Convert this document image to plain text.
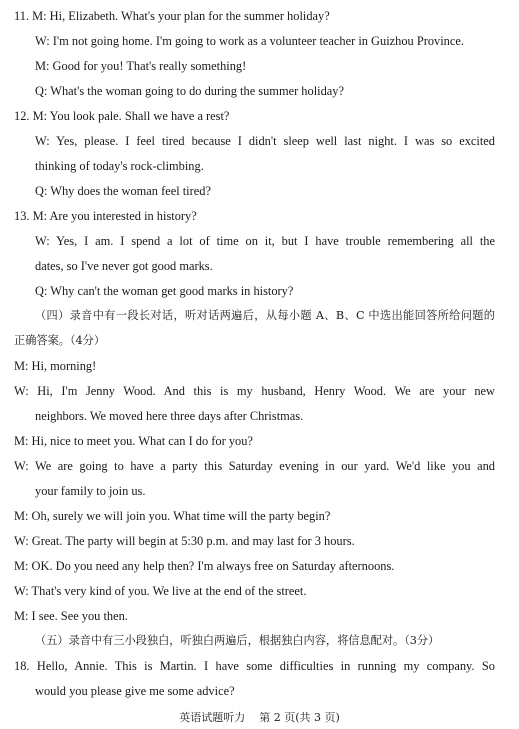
11. M: Hi, Elizabeth. What's your plan for the summer holiday?
W: I'm not going home. I'm going to work as a volunteer teacher in Guizhou Province.
M: Good for you! That's really something!
Q: What's the woman going to do during the summer holiday?
12. M: You look pale. Shall we have a rest?
W: Yes, please. I feel tired because I didn't sleep well last night. I was so excited
thinking of today's rock-climbing.
Q: Why does the woman feel tired?
13. M: Are you interested in history?
W: Yes, I am. I spend a lot of time on it, but I have trouble remembering all the
dates, so I've never got good marks.
Q: Why can't the woman get good marks in history?
（四）录音中有一段长对话，听对话两遍后，从每小题 A、B、C 中选出能回答所给问题的
正确答案。（4分）
M: Hi, morning!
W: Hi, I'm Jenny Wood. And this is my husband, Henry Wood. We are your new
neighbors. We moved here three days after Christmas.
M: Hi, nice to meet you. What can I do for you?
W: We are going to have a party this Saturday evening in our yard. We'd like you and
your family to join us.
M: Oh, surely we will join you. What time will the party begin?
W: Great. The party will begin at 5:30 p.m. and may last for 3 hours.
M: OK. Do you need any help then? I'm always free on Saturday afternoons.
W: That's very kind of you. We live at the end of the street.
M: I see. See you then.
（五）录音中有三小段独白，听独白两遍后，根据独白内容，将信息配对。（3分）
18. Hello, Annie. This is Martin. I have some difficulties in running my company. So
would you please give me some advice?
英语试题听力    第 2 页(共 3 页)
